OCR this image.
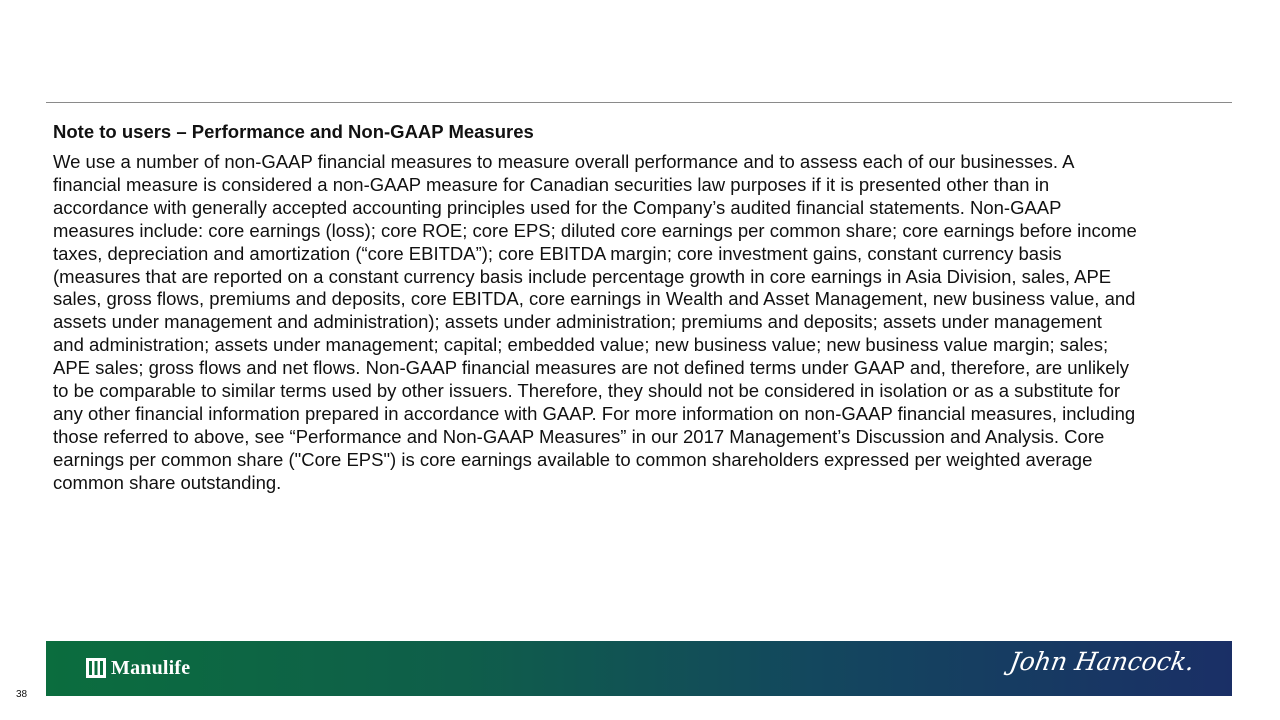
Note to users – Performance and Non-GAAP Measures
We use a number of non-GAAP financial measures to measure overall performance and to assess each of our businesses. A
financial measure is considered a non-GAAP measure for Canadian securities law purposes if it is presented other than in
accordance with generally accepted accounting principles used for the Company’s audited financial statements. Non-GAAP
measures include: core earnings (loss); core ROE; core EPS; diluted core earnings per common share; core earnings before income
taxes, depreciation and amortization (“core EBITDA”); core EBITDA margin; core investment gains, constant currency basis
(measures that are reported on a constant currency basis include percentage growth in core earnings in Asia Division, sales, APE
sales, gross flows, premiums and deposits, core EBITDA, core earnings in Wealth and Asset Management, new business value, and
assets under management and administration); assets under administration; premiums and deposits; assets under management
and administration; assets under management; capital; embedded value; new business value; new business value margin; sales;
APE sales; gross flows and net flows. Non-GAAP financial measures are not defined terms under GAAP and, therefore, are unlikely
to be comparable to similar terms used by other issuers. Therefore, they should not be considered in isolation or as a substitute for
any other financial information prepared in accordance with GAAP. For more information on non-GAAP financial measures, including
those referred to above, see “Performance and Non-GAAP Measures” in our 2017 Management’s Discussion and Analysis. Core
earnings per common share ("Core EPS") is core earnings available to common shareholders expressed per weighted average
common share outstanding.
Manulife	John Hancock.
38
